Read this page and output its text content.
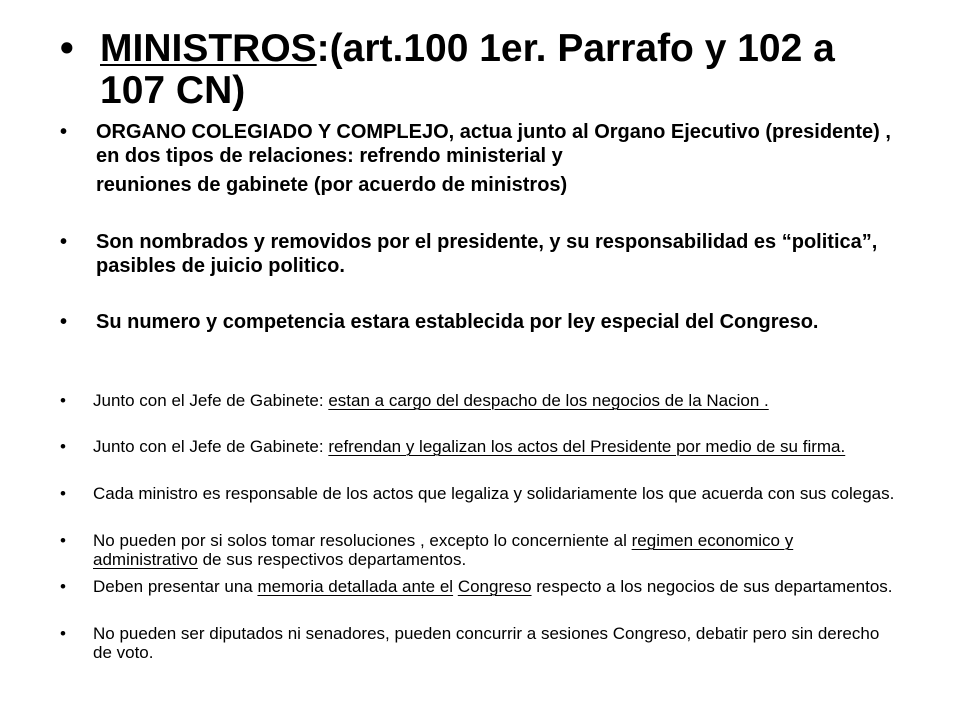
• MINISTROS:(art.100 1er. Parrafo y 102 a 107 CN)
• ORGANO COLEGIADO Y COMPLEJO, actua junto al Organo Ejecutivo (presidente) , en dos tipos de relaciones: refrendo ministerial y
reuniones de gabinete (por acuerdo de ministros)
• Son nombrados y removidos por el presidente, y su responsabilidad es “politica”, pasibles de juicio politico.
• Su numero y competencia estara establecida por ley especial del Congreso.
• Junto con el Jefe de Gabinete: estan a cargo del despacho de los negocios de la Nacion .
• Junto con el Jefe de Gabinete: refrendan y legalizan los actos del Presidente por medio de su firma.
• Cada ministro es responsable de los actos que legaliza y solidariamente los que acuerda con sus colegas.
• No pueden por si solos tomar resoluciones , excepto lo concerniente al regimen economico y administrativo de sus respectivos departamentos.
• Deben presentar una memoria detallada ante el Congreso respecto a los negocios de sus departamentos.
• No pueden ser diputados ni senadores, pueden concurrir a sesiones Congreso, debatir pero sin derecho de voto.
